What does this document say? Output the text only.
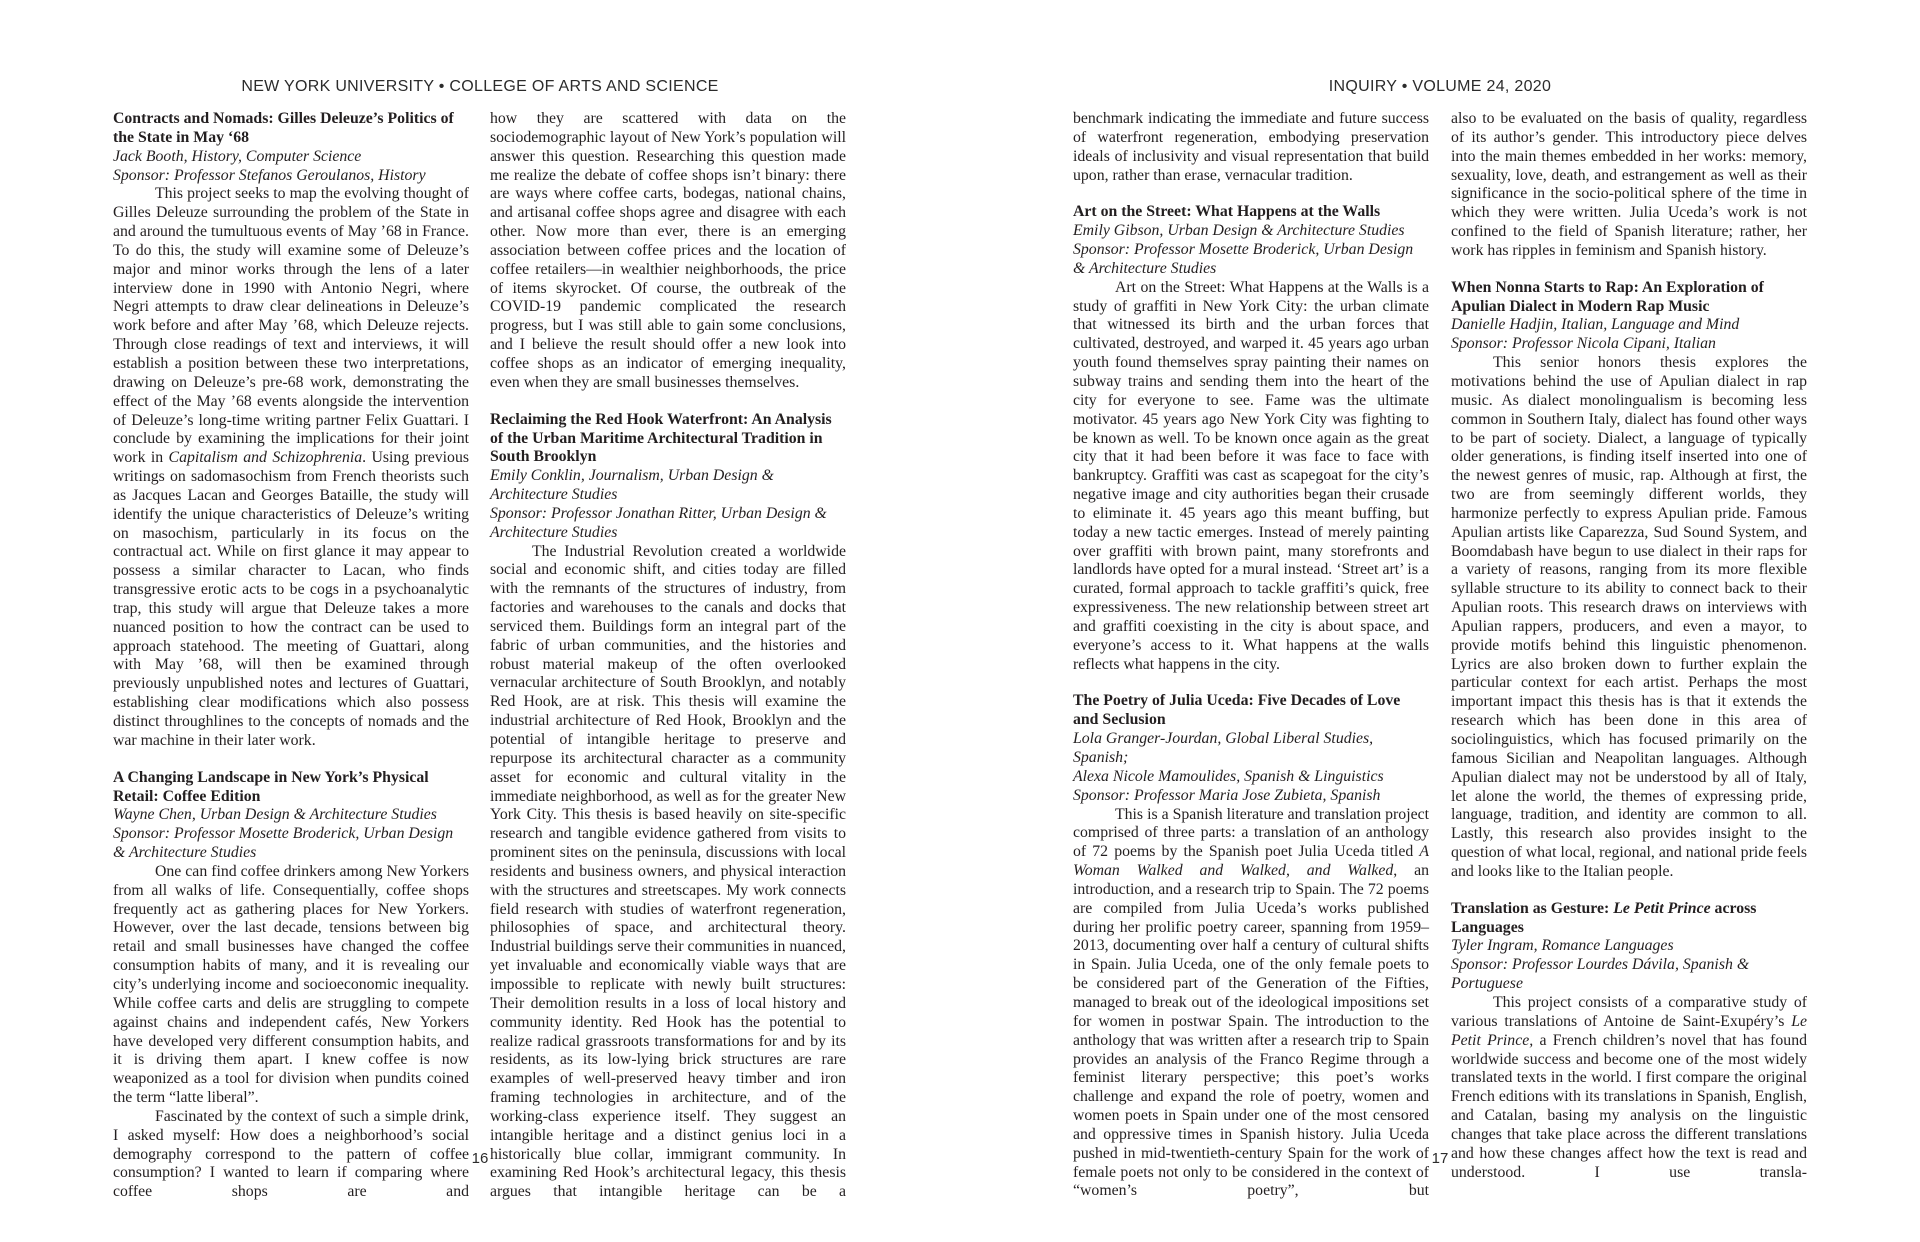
NEW YORK UNIVERSITY • COLLEGE OF ARTS AND SCIENCE	INQUIRY • VOLUME 24, 2020
Contracts and Nomads: Gilles Deleuze’s Politics of the State in May ‘68
Jack Booth, History, Computer Science
Sponsor: Professor Stefanos Geroulanos, History
This project seeks to map the evolving thought of Gilles Deleuze surrounding the problem of the State in and around the tumultuous events of May ’68 in France. To do this, the study will examine some of Deleuze’s major and minor works through the lens of a later interview done in 1990 with Antonio Negri, where Negri attempts to draw clear delineations in Deleuze’s work before and after May ’68, which Deleuze rejects. Through close readings of text and interviews, it will establish a position between these two interpretations, drawing on Deleuze’s pre-68 work, demonstrating the effect of the May ’68 events alongside the intervention of Deleuze’s long-time writing partner Felix Guattari. I conclude by examining the implications for their joint work in Capitalism and Schizophrenia. Using previous writings on sadomasochism from French theorists such as Jacques Lacan and Georges Bataille, the study will identify the unique characteristics of Deleuze’s writing on masochism, particularly in its focus on the contractual act. While on first glance it may appear to possess a similar character to Lacan, who finds transgressive erotic acts to be cogs in a psychoanalytic trap, this study will argue that Deleuze takes a more nuanced position to how the contract can be used to approach statehood. The meeting of Guattari, along with May ’68, will then be examined through previously unpublished notes and lectures of Guattari, establishing clear modifications which also possess distinct throughlines to the concepts of nomads and the war machine in their later work.
A Changing Landscape in New York’s Physical Retail: Coffee Edition
Wayne Chen, Urban Design & Architecture Studies
Sponsor: Professor Mosette Broderick, Urban Design & Architecture Studies
One can find coffee drinkers among New Yorkers from all walks of life. Consequentially, coffee shops frequently act as gathering places for New Yorkers. However, over the last decade, tensions between big retail and small businesses have changed the coffee consumption habits of many, and it is revealing our city’s underlying income and socioeconomic inequality. While coffee carts and delis are struggling to compete against chains and independent cafés, New Yorkers have developed very different consumption habits, and it is driving them apart. I knew coffee is now weaponized as a tool for division when pundits coined the term “latte liberal”.
Fascinated by the context of such a simple drink, I asked myself: How does a neighborhood’s social demography correspond to the pattern of coffee consumption? I wanted to learn if comparing where coffee shops are and
how they are scattered with data on the sociodemographic layout of New York’s population will answer this question. Researching this question made me realize the debate of coffee shops isn’t binary: there are ways where coffee carts, bodegas, national chains, and artisanal coffee shops agree and disagree with each other. Now more than ever, there is an emerging association between coffee prices and the location of coffee retailers—in wealthier neighborhoods, the price of items skyrocket. Of course, the outbreak of the COVID-19 pandemic complicated the research progress, but I was still able to gain some conclusions, and I believe the result should offer a new look into coffee shops as an indicator of emerging inequality, even when they are small businesses themselves.
Reclaiming the Red Hook Waterfront: An Analysis of the Urban Maritime Architectural Tradition in South Brooklyn
Emily Conklin, Journalism, Urban Design & Architecture Studies
Sponsor: Professor Jonathan Ritter, Urban Design & Architecture Studies
The Industrial Revolution created a worldwide social and economic shift, and cities today are filled with the remnants of the structures of industry, from factories and warehouses to the canals and docks that serviced them. Buildings form an integral part of the fabric of urban communities, and the histories and robust material makeup of the often overlooked vernacular architecture of South Brooklyn, and notably Red Hook, are at risk. This thesis will examine the industrial architecture of Red Hook, Brooklyn and the potential of intangible heritage to preserve and repurpose its architectural character as a community asset for economic and cultural vitality in the immediate neighborhood, as well as for the greater New York City. This thesis is based heavily on site-specific research and tangible evidence gathered from visits to prominent sites on the peninsula, discussions with local residents and business owners, and physical interaction with the structures and streetscapes. My work connects field research with studies of waterfront regeneration, philosophies of space, and architectural theory. Industrial buildings serve their communities in nuanced, yet invaluable and economically viable ways that are impossible to replicate with newly built structures: Their demolition results in a loss of local history and community identity. Red Hook has the potential to realize radical grassroots transformations for and by its residents, as its low-lying brick structures are rare examples of well-preserved heavy timber and iron framing technologies in architecture, and of the working-class experience itself. They suggest an intangible heritage and a distinct genius loci in a historically blue collar, immigrant community. In examining Red Hook’s architectural legacy, this thesis argues that intangible heritage can be a
benchmark indicating the immediate and future success of waterfront regeneration, embodying preservation ideals of inclusivity and visual representation that build upon, rather than erase, vernacular tradition.
Art on the Street: What Happens at the Walls
Emily Gibson, Urban Design & Architecture Studies
Sponsor: Professor Mosette Broderick, Urban Design & Architecture Studies
Art on the Street: What Happens at the Walls is a study of graffiti in New York City: the urban climate that witnessed its birth and the urban forces that cultivated, destroyed, and warped it. 45 years ago urban youth found themselves spray painting their names on subway trains and sending them into the heart of the city for everyone to see. Fame was the ultimate motivator. 45 years ago New York City was fighting to be known as well. To be known once again as the great city that it had been before it was face to face with bankruptcy. Graffiti was cast as scapegoat for the city’s negative image and city authorities began their crusade to eliminate it. 45 years ago this meant buffing, but today a new tactic emerges. Instead of merely painting over graffiti with brown paint, many storefronts and landlords have opted for a mural instead. ‘Street art’ is a curated, formal approach to tackle graffiti’s quick, free expressiveness. The new relationship between street art and graffiti coexisting in the city is about space, and everyone’s access to it. What happens at the walls reflects what happens in the city.
The Poetry of Julia Uceda: Five Decades of Love and Seclusion
Lola Granger-Jourdan, Global Liberal Studies, Spanish;
Alexa Nicole Mamoulides, Spanish & Linguistics
Sponsor: Professor Maria Jose Zubieta, Spanish
This is a Spanish literature and translation project comprised of three parts: a translation of an anthology of 72 poems by the Spanish poet Julia Uceda titled A Woman Walked and Walked, and Walked, an introduction, and a research trip to Spain. The 72 poems are compiled from Julia Uceda’s works published during her prolific poetry career, spanning from 1959–2013, documenting over half a century of cultural shifts in Spain. Julia Uceda, one of the only female poets to be considered part of the Generation of the Fifties, managed to break out of the ideological impositions set for women in postwar Spain. The introduction to the anthology that was written after a research trip to Spain provides an analysis of the Franco Regime through a feminist literary perspective; this poet’s works challenge and expand the role of poetry, women and women poets in Spain under one of the most censored and oppressive times in Spanish history. Julia Uceda pushed in mid-twentieth-century Spain for the work of female poets not only to be considered in the context of “women’s poetry”, but
also to be evaluated on the basis of quality, regardless of its author’s gender. This introductory piece delves into the main themes embedded in her works: memory, sexuality, love, death, and estrangement as well as their significance in the socio-political sphere of the time in which they were written. Julia Uceda’s work is not confined to the field of Spanish literature; rather, her work has ripples in feminism and Spanish history.
When Nonna Starts to Rap: An Exploration of Apulian Dialect in Modern Rap Music
Danielle Hadjin, Italian, Language and Mind
Sponsor: Professor Nicola Cipani, Italian
This senior honors thesis explores the motivations behind the use of Apulian dialect in rap music. As dialect monolingualism is becoming less common in Southern Italy, dialect has found other ways to be part of society. Dialect, a language of typically older generations, is finding itself inserted into one of the newest genres of music, rap. Although at first, the two are from seemingly different worlds, they harmonize perfectly to express Apulian pride. Famous Apulian artists like Caparezza, Sud Sound System, and Boomdabash have begun to use dialect in their raps for a variety of reasons, ranging from its more flexible syllable structure to its ability to connect back to their Apulian roots. This research draws on interviews with Apulian rappers, producers, and even a mayor, to provide motifs behind this linguistic phenomenon. Lyrics are also broken down to further explain the particular context for each artist. Perhaps the most important impact this thesis has is that it extends the research which has been done in this area of sociolinguistics, which has focused primarily on the famous Sicilian and Neapolitan languages. Although Apulian dialect may not be understood by all of Italy, let alone the world, the themes of expressing pride, language, tradition, and identity are common to all. Lastly, this research also provides insight to the question of what local, regional, and national pride feels and looks like to the Italian people.
Translation as Gesture: Le Petit Prince across Languages
Tyler Ingram, Romance Languages
Sponsor: Professor Lourdes Dávila, Spanish & Portuguese
This project consists of a comparative study of various translations of Antoine de Saint-Exupéry’s Le Petit Prince, a French children’s novel that has found worldwide success and become one of the most widely translated texts in the world. I first compare the original French editions with its translations in Spanish, English, and Catalan, basing my analysis on the linguistic changes that take place across the different translations and how these changes affect how the text is read and understood. I use transla-
16	17
